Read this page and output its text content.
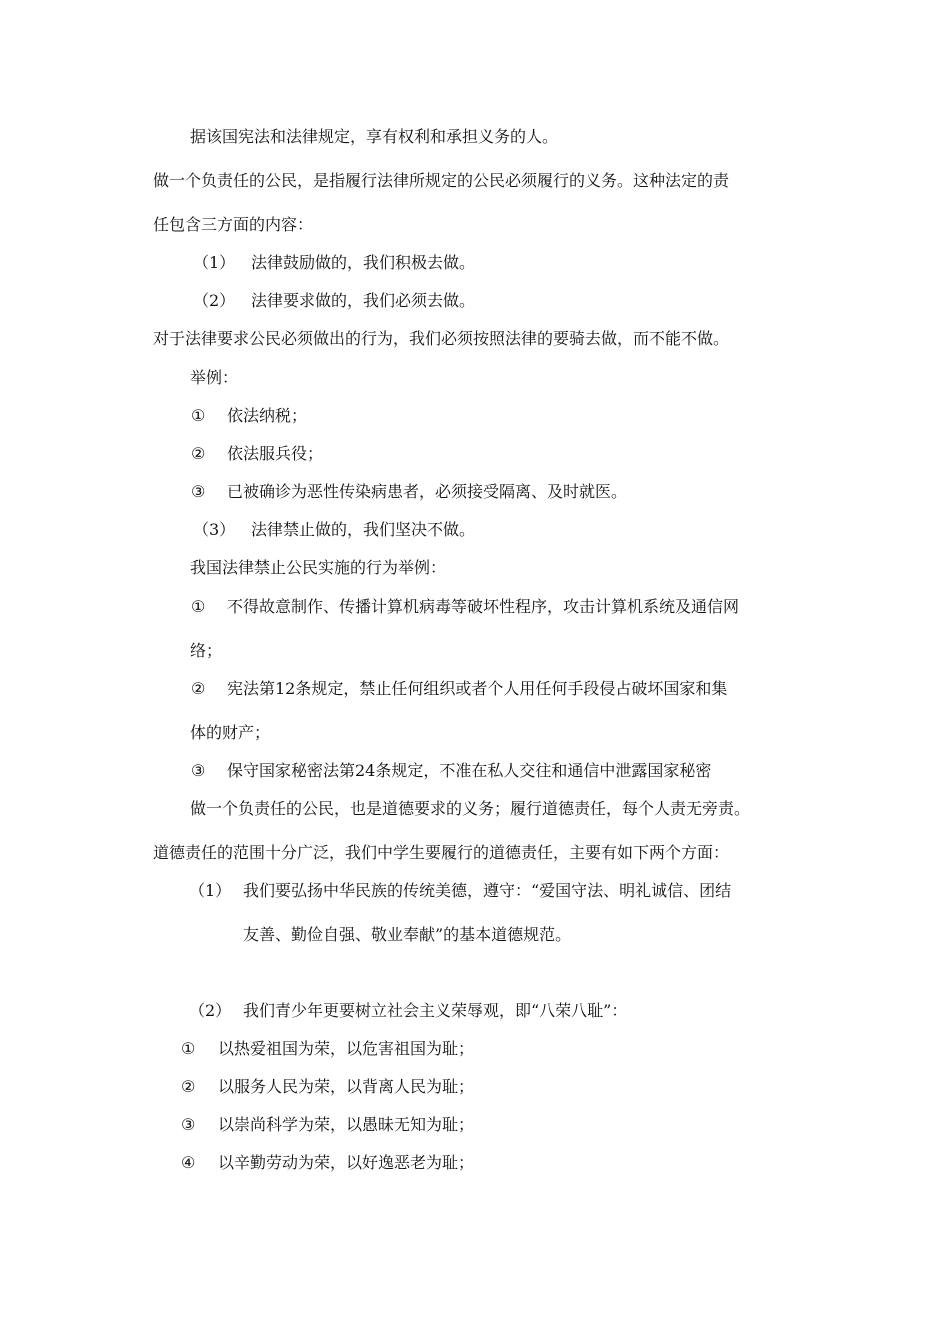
据该国宪法和法律规定，享有权利和承担义务的人。
做一个负责任的公民，是指履行法律所规定的公民必须履行的义务。这种法定的责
任包含三方面的内容：
（1） 法律鼓励做的，我们积极去做。
（2） 法律要求做的，我们必须去做。
对于法律要求公民必须做出的行为，我们必须按照法律的要骑去做，而不能不做。
举例：
① 依法纳税；
② 依法服兵役；
③ 已被确诊为恶性传染病患者，必须接受隔离、及时就医。
（3） 法律禁止做的，我们坚决不做。
我国法律禁止公民实施的行为举例：
① 不得故意制作、传播计算机病毒等破坏性程序，攻击计算机系统及通信网
络；
② 宪法第12条规定，禁止任何组织或者个人用任何手段侵占破坏国家和集
体的财产；
③ 保守国家秘密法第24条规定，不准在私人交往和通信中泄露国家秘密
做一个负责任的公民，也是道德要求的义务；履行道德责任，每个人责无旁责。
道德责任的范围十分广泛，我们中学生要履行的道德责任，主要有如下两个方面：
（1） 我们要弘扬中华民族的传统美德，遵守：“爱国守法、明礼诚信、团结
友善、勤俭自强、敬业奉献”的基本道德规范。
（2） 我们青少年更要树立社会主义荣辱观，即“八荣八耻”：
① 以热爱祖国为荣，以危害祖国为耻；
② 以服务人民为荣，以背离人民为耻；
③ 以崇尚科学为荣，以愚昧无知为耻；
④ 以辛勤劳动为荣，以好逸恶老为耻；
